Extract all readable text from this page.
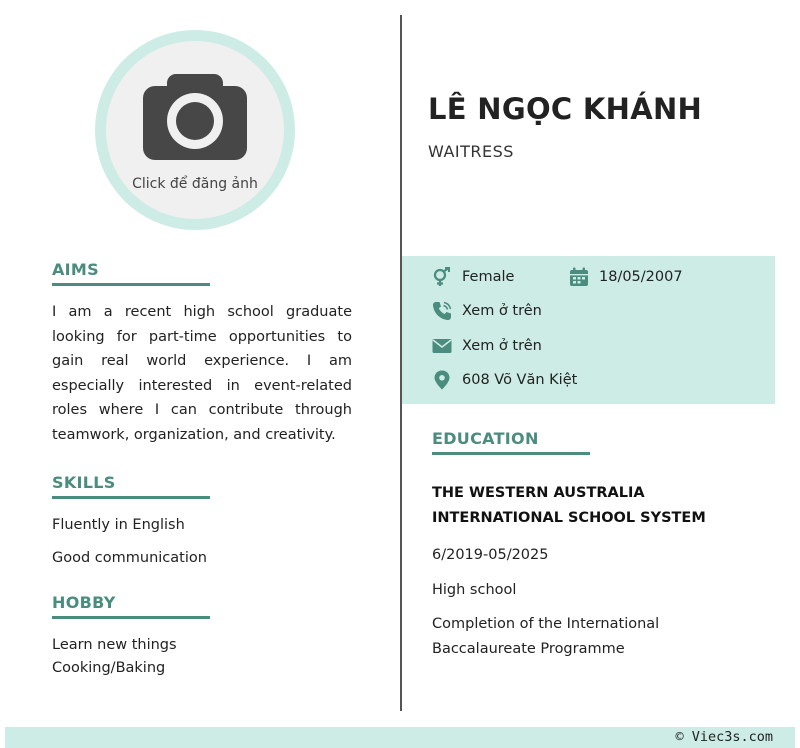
Click để đăng ảnh
LÊ NGỌC KHÁNH
WAITRESS
AIMS
I am a recent high school graduate looking for part-time opportunities to gain real world experience. I am especially interested in event-related roles where I can contribute through teamwork, organization, and creativity.
SKILLS
Fluently in English
Good communication
HOBBY
Learn new things
Cooking/Baking
Female	18/05/2007
Xem ở trên
Xem ở trên
608 Võ Văn Kiệt
EDUCATION
THE WESTERN AUSTRALIA
INTERNATIONAL SCHOOL SYSTEM
6/2019-05/2025
High school
Completion of the International
Baccalaureate Programme
© Viec3s.com
